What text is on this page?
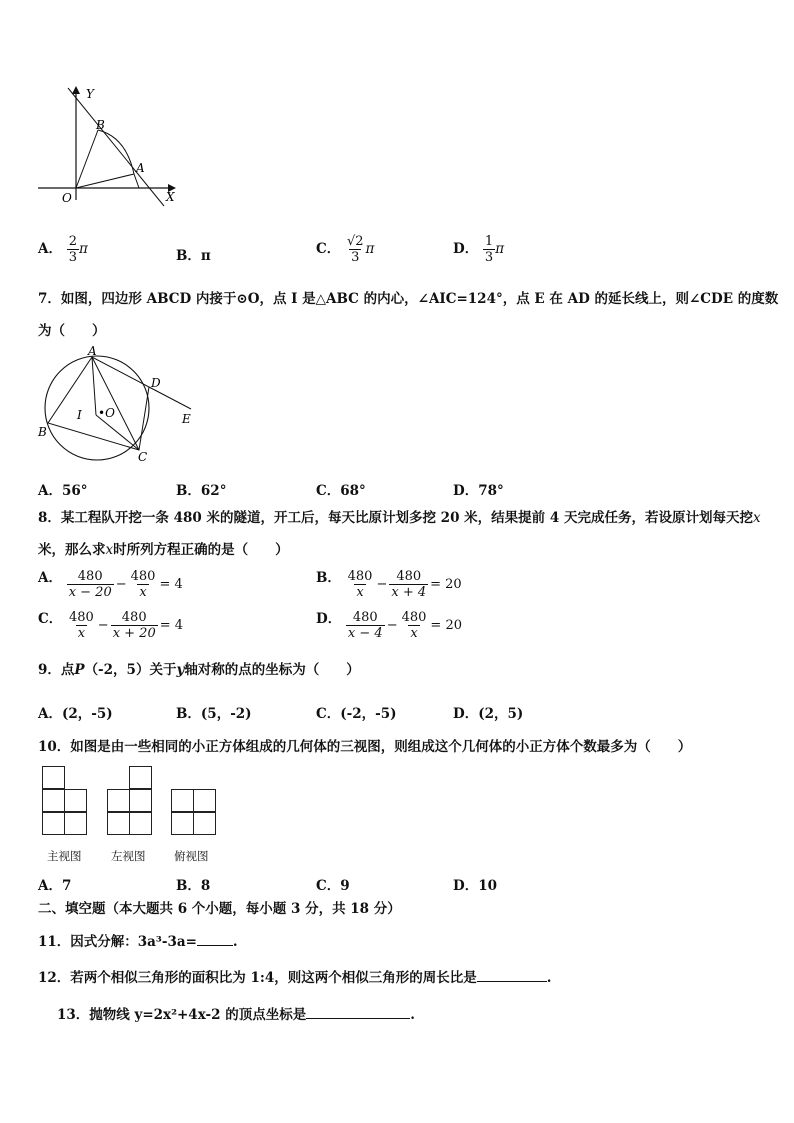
Y
X
O
A
B
A． $\frac{2}{3}$ π	B．π	C． $\frac{√2}{3}$ π	D． $\frac{1}{3}$ π
7．如图，四边形 ABCD 内接于⊙O，点 I 是△ABC 的内心，∠AIC=124°，点 E 在 AD 的延长线上，则∠CDE 的度数
为（　　）
A
B
C
D
E
I •O
A．56°	B．62°	C．68°	D．78°
8．某工程队开挖一条 480 米的隧道，开工后，每天比原计划多挖 20 米，结果提前 4 天完成任务，若设原计划每天挖x
米，那么求x时所列方程正确的是（　　）
A． $\frac{480}{x - 20} - \frac{480}{x} = 4$	B． $\frac{480}{x} - \frac{480}{x + 4} = 20$
C． $\frac{480}{x} - \frac{480}{x + 20} = 4$	D． $\frac{480}{x - 4} - \frac{480}{x} = 20$
9．点P（-2，5）关于y轴对称的点的坐标为（　　）
A．(2，-5)	B．(5，-2)	C．(-2，-5)	D．(2，5)
10．如图是由一些相同的小正方体组成的几何体的三视图，则组成这个几何体的小正方体个数最多为（　　）
主视图	左视图 俯视图
A．7	B．8	C．9	D．10
二、填空题（本大题共 6 个小题，每小题 3 分，共 18 分）
11．因式分解：3a³-3a=	.
12．若两个相似三角形的面积比为 1:4，则这两个相似三角形的周长比是	.
13．抛物线 y=2x²+4x-2 的顶点坐标是	.
